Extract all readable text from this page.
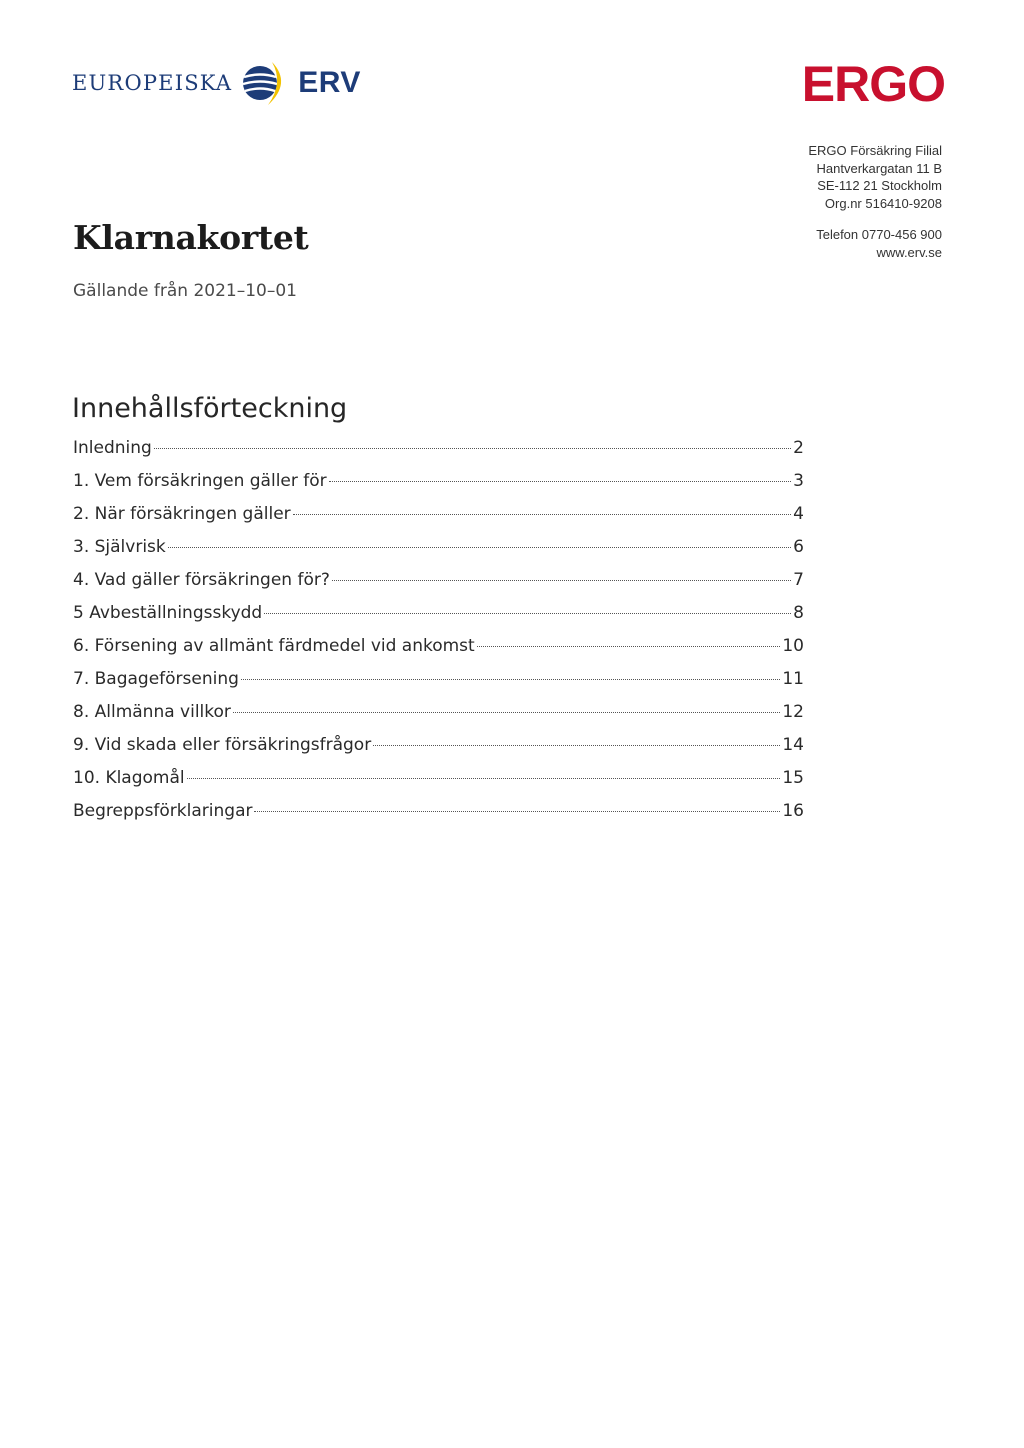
EUROPEISKA ERV	ERGO
ERGO Försäkring Filial
Hantverkargatan 11 B
SE-112 21 Stockholm
Org.nr 516410-9208
Telefon 0770-456 900
www.erv.se
Klarnakortet
Gällande från 2021–10–01
Innehållsförteckning
Inledning	2
1. Vem försäkringen gäller för	3
2. När försäkringen gäller	4
3. Självrisk	6
4. Vad gäller försäkringen för?	7
5 Avbeställningsskydd	8
6. Försening av allmänt färdmedel vid ankomst	10
7. Bagageförsening	11
8. Allmänna villkor	12
9. Vid skada eller försäkringsfrågor	14
10. Klagomål	15
Begreppsförklaringar	16
